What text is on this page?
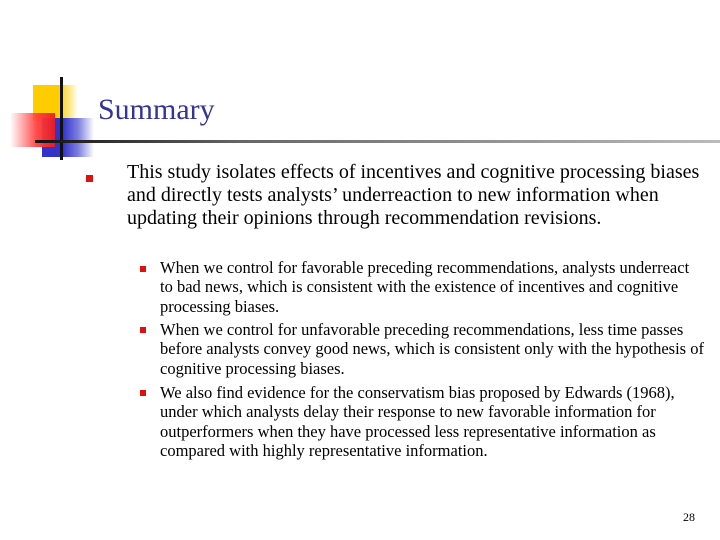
Summary
This study isolates effects of incentives and cognitive processing biases and directly tests analysts’ underreaction to new information when updating their opinions through recommendation revisions.
When we control for favorable preceding recommendations, analysts underreact to bad news, which is consistent with the existence of incentives and cognitive processing biases.
When we control for unfavorable preceding recommendations, less time passes before analysts convey good news, which is consistent only with the hypothesis of cognitive processing biases.
We also find evidence for the conservatism bias proposed by Edwards (1968), under which analysts delay their response to new favorable information for outperformers when they have processed less representative information as compared with highly representative information.
28
